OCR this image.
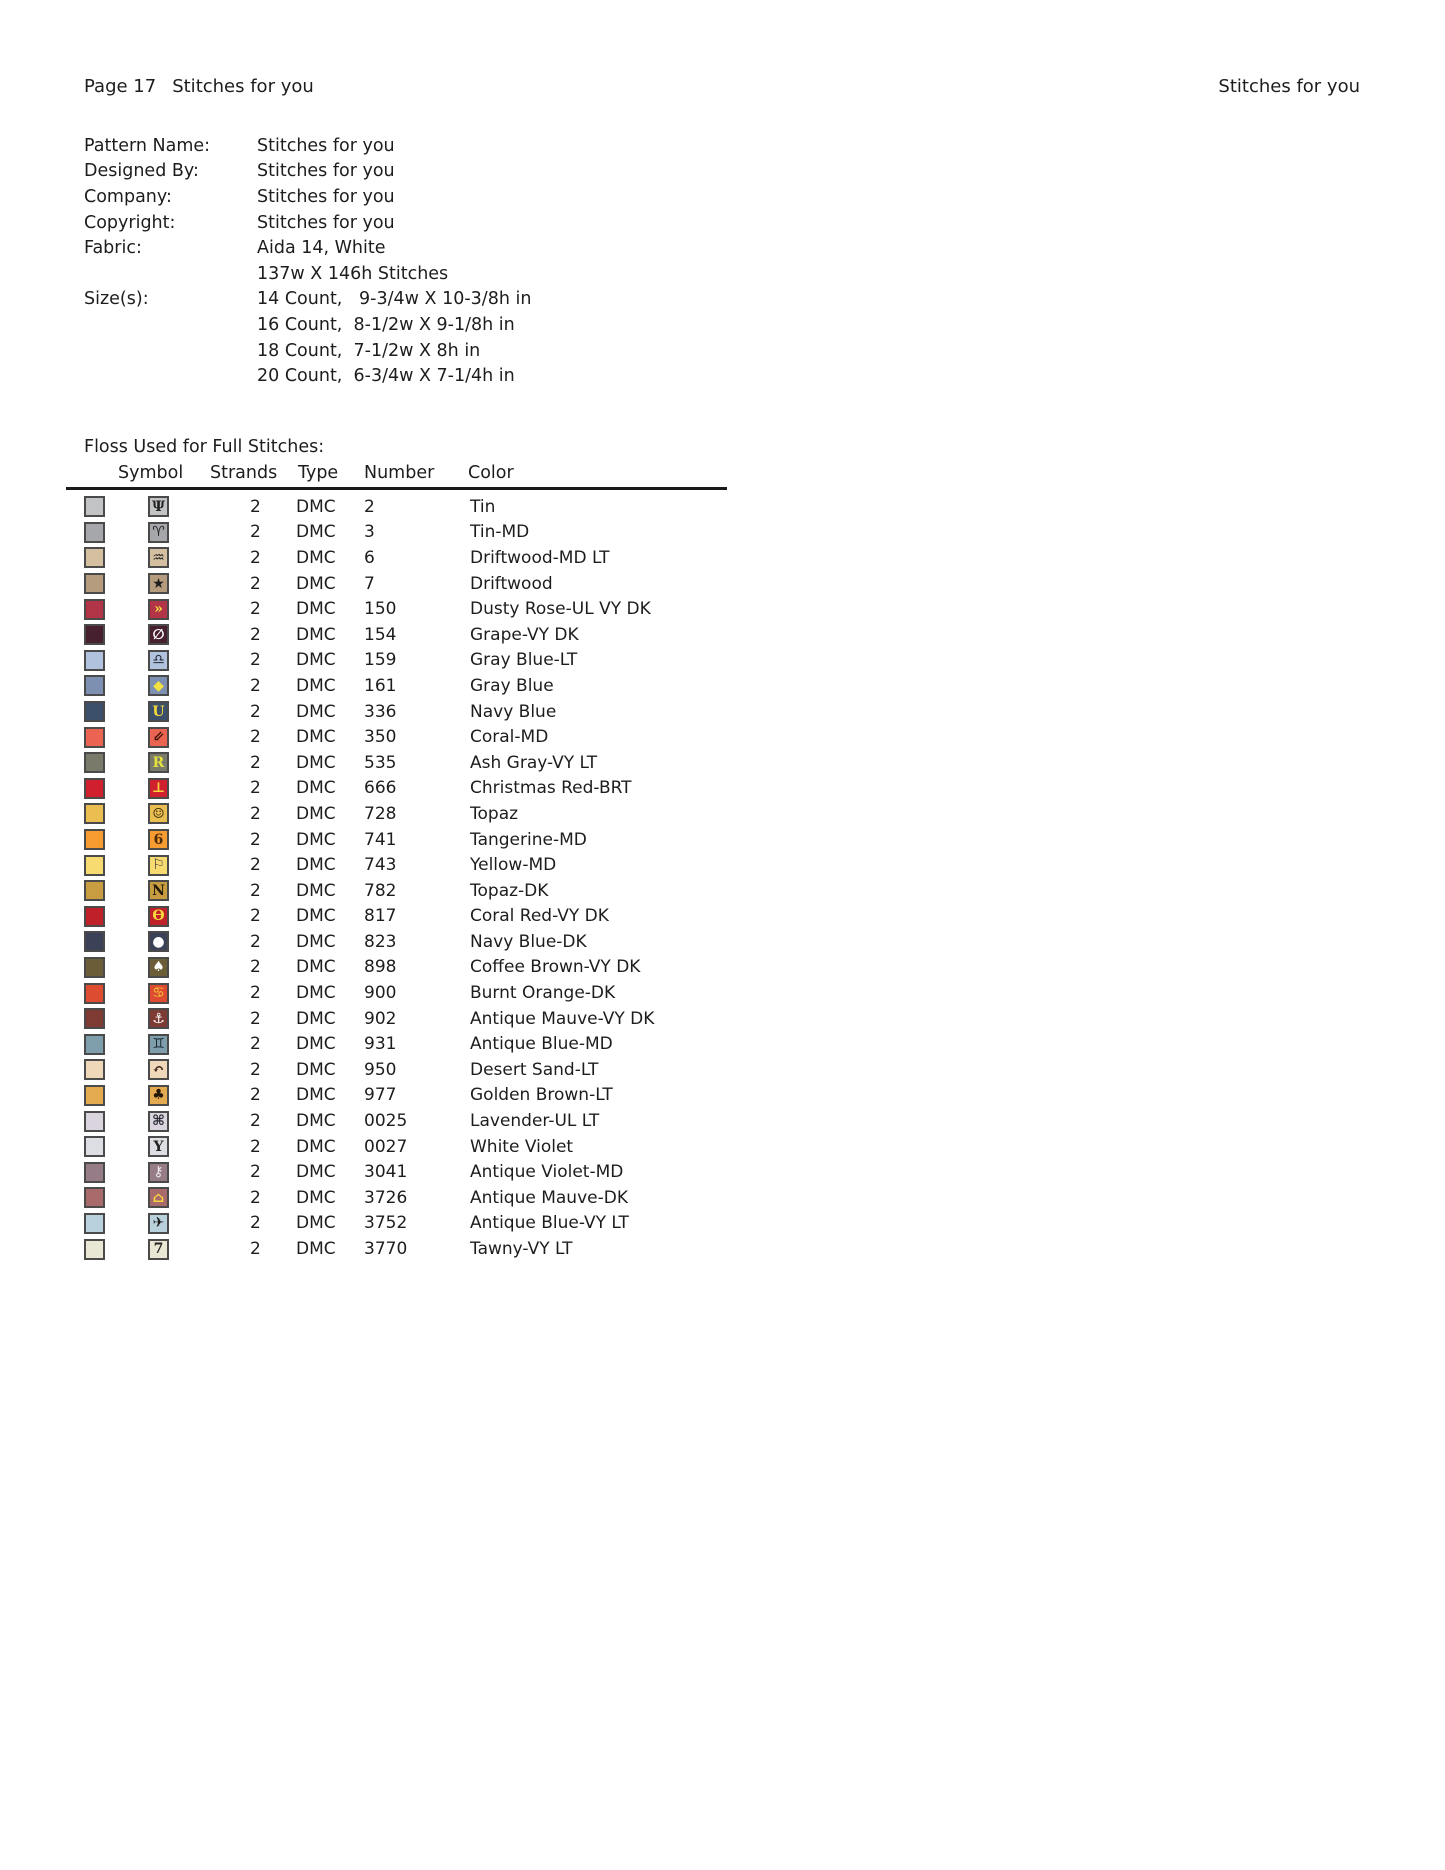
Page 17 Stitches for you	Stitches for you
Pattern Name:	Stitches for you
Designed By:	Stitches for you
Company:	Stitches for you
Copyright:	Stitches for you
Fabric:	Aida 14, White
137w X 146h Stitches
Size(s):	14 Count,   9-3/4w X 10-3/8h in
16 Count,  8-1/2w X 9-1/8h in
18 Count,  7-1/2w X 8h in
20 Count,  6-3/4w X 7-1/4h in
Floss Used for Full Stitches:
Symbol	Strands	Type	Number	Color
Ψ	2	DMC	2	Tin
♈	2	DMC	3	Tin-MD
♒	2	DMC	6	Driftwood-MD LT
★	2	DMC	7	Driftwood
»	2	DMC	150	Dusty Rose-UL VY DK
∅	2	DMC	154	Grape-VY DK
♎	2	DMC	159	Gray Blue-LT
◆	2	DMC	161	Gray Blue
U	2	DMC	336	Navy Blue
⇙	2	DMC	350	Coral-MD
R	2	DMC	535	Ash Gray-VY LT
⊥	2	DMC	666	Christmas Red-BRT
☺	2	DMC	728	Topaz
6	2	DMC	741	Tangerine-MD
⚐	2	DMC	743	Yellow-MD
N	2	DMC	782	Topaz-DK
Ө	2	DMC	817	Coral Red-VY DK
●	2	DMC	823	Navy Blue-DK
♠	2	DMC	898	Coffee Brown-VY DK
♋	2	DMC	900	Burnt Orange-DK
⚓	2	DMC	902	Antique Mauve-VY DK
♊	2	DMC	931	Antique Blue-MD
↶	2	DMC	950	Desert Sand-LT
♣	2	DMC	977	Golden Brown-LT
⌘	2	DMC	0025	Lavender-UL LT
Y	2	DMC	0027	White Violet
⚷	2	DMC	3041	Antique Violet-MD
⌂	2	DMC	3726	Antique Mauve-DK
✈	2	DMC	3752	Antique Blue-VY LT
7	2	DMC	3770	Tawny-VY LT
